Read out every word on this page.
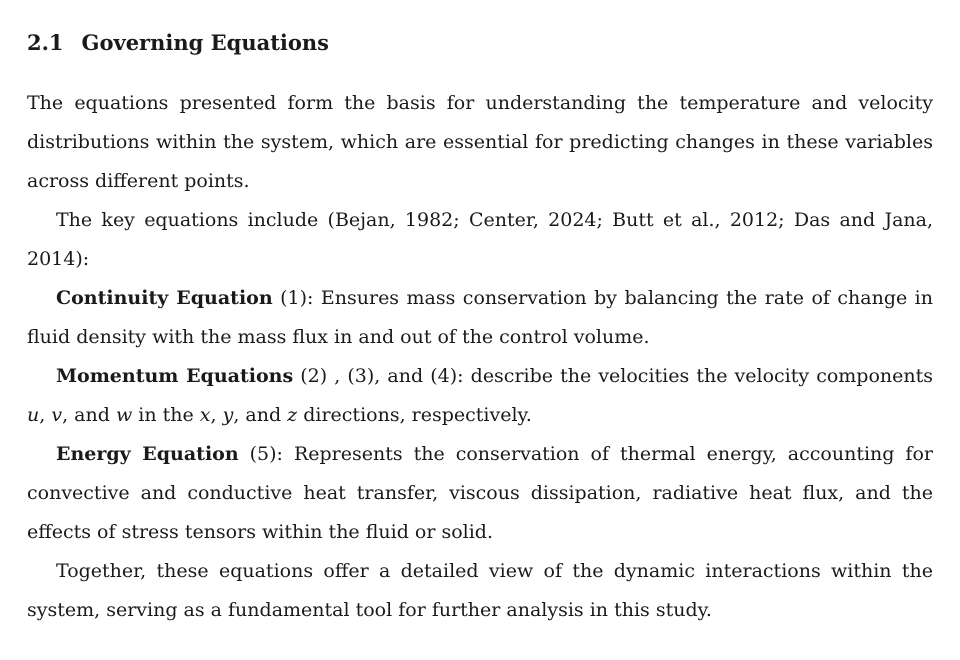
2.1 Governing Equations

The equations presented form the basis for understanding the temperature and velocity distributions within the system, which are essential for predicting changes in these variables across different points.

The key equations include (Bejan, 1982; Center, 2024; Butt et al., 2012; Das and Jana, 2014):

Continuity Equation (1): Ensures mass conservation by balancing the rate of change in fluid density with the mass flux in and out of the control volume.

Momentum Equations (2) , (3), and (4): describe the velocities the velocity components u, v, and w in the x, y, and z directions, respectively.

Energy Equation (5): Represents the conservation of thermal energy, accounting for convective and conductive heat transfer, viscous dissipation, radiative heat flux, and the effects of stress tensors within the fluid or solid.

Together, these equations offer a detailed view of the dynamic interactions within the system, serving as a fundamental tool for further analysis in this study.
